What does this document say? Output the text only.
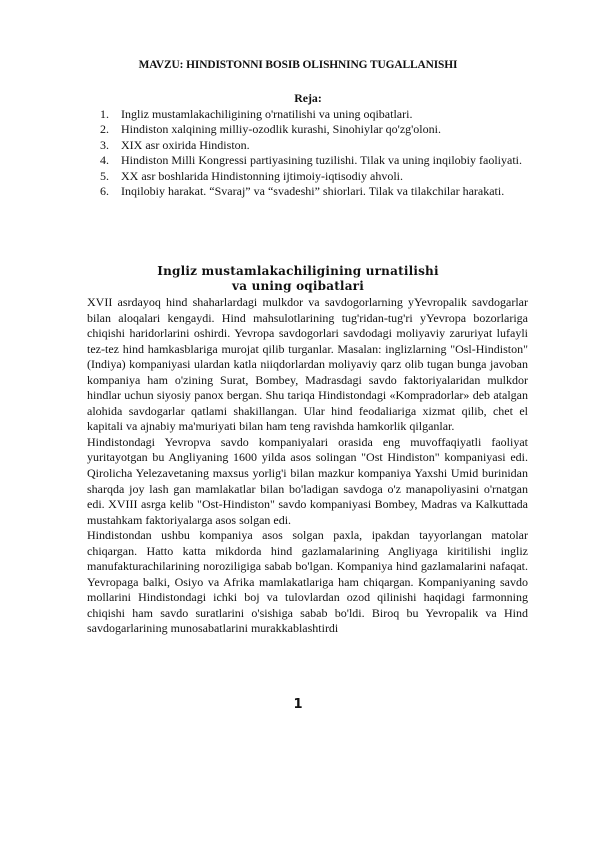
MAVZU: HINDISTONNI BOSIB OLISHNING TUGALLANISHI
Reja:
1. Ingliz mustamlakachiligining o'rnatilishi va uning oqibatlari.
2. Hindiston xalqining milliy-ozodlik kurashi, Sinohiylar qo'zg'oloni.
3. XIX asr oxirida Hindiston.
4. Hindiston Milli Kongressi partiyasining tuzilishi. Tilak va uning inqilobiy faoliyati.
5. XX asr boshlarida Hindistonning ijtimoiy-iqtisodiy ahvoli.
6. Inqilobiy harakat. “Svaraj” va “svadeshi” shiorlari. Tilak va tilakchilar harakati.
Ingliz mustamlakachiligining urnatilishi
va uning oqibatlari

XVII asrdayoq hind shaharlardagi mulkdor va savdogorlarning yYevropalik savdogarlar bilan aloqalari kengaydi. Hind mahsulotlarining tug'ridan-tug'ri yYevropa bozorlariga chiqishi haridorlarini oshirdi. Yevropa savdogorlari savdodagi moliyaviy zaruriyat lufayli tez-tez hind hamkasblariga murojat qilib turganlar. Masalan: inglizlarning "Osl-Hindiston" (Indiya) kompaniyasi ulardan katla niiqdorlardan moliyaviy qarz olib tugan bunga javoban kompaniya ham o'zining Surat, Bombey, Madrasdagi savdo faktoriyalaridan mulkdor hindlar uchun siyosiy panox bergan. Shu tariqa Hindistondagi «Kompradorlar» deb atalgan alohida savdogarlar qatlami shakillangan. Ular hind feodaliariga xizmat qilib, chet el kapitali va ajnabiy ma'muriyati bilan ham teng ravishda hamkorlik qilganlar.

Hindistondagi Yevropva savdo kompaniyalari orasida eng muvoffaqiyatli faoliyat yuritayotgan bu Angliyaning 1600 yilda asos solingan "Ost Hindiston" kompaniyasi edi. Qirolicha Yelezavetaning maxsus yorlig'i bilan mazkur kompaniya Yaxshi Umid burinidan sharqda joy lash gan mamlakatlar bilan bo'ladigan savdoga o'z manapoliyasini o'rnatgan edi. XVIII asrga kelib "Ost-Hindiston" savdo kompaniyasi Bombey, Madras va Kalkuttada mustahkam faktoriyalarga asos solgan edi.

Hindistondan ushbu kompaniya asos solgan paxla, ipakdan tayyorlangan matolar chiqargan. Hatto katta mikdorda hind gazlamalarining Angliyaga kiritilishi ingliz manufakturachilarining noroziligiga sabab bo'lgan. Kompaniya hind gazlamalarini nafaqat. Yevropaga balki, Osiyo va Afrika mamlakatlariga ham chiqargan. Kompaniyaning savdo mollarini Hindistondagi ichki boj va tulovlardan ozod qilinishi haqidagi farmonning chiqishi ham savdo suratlarini o'sishiga sabab bo'ldi. Biroq bu Yevropalik va Hind savdogarlarining munosabatlarini murakkablashtirdi

1
